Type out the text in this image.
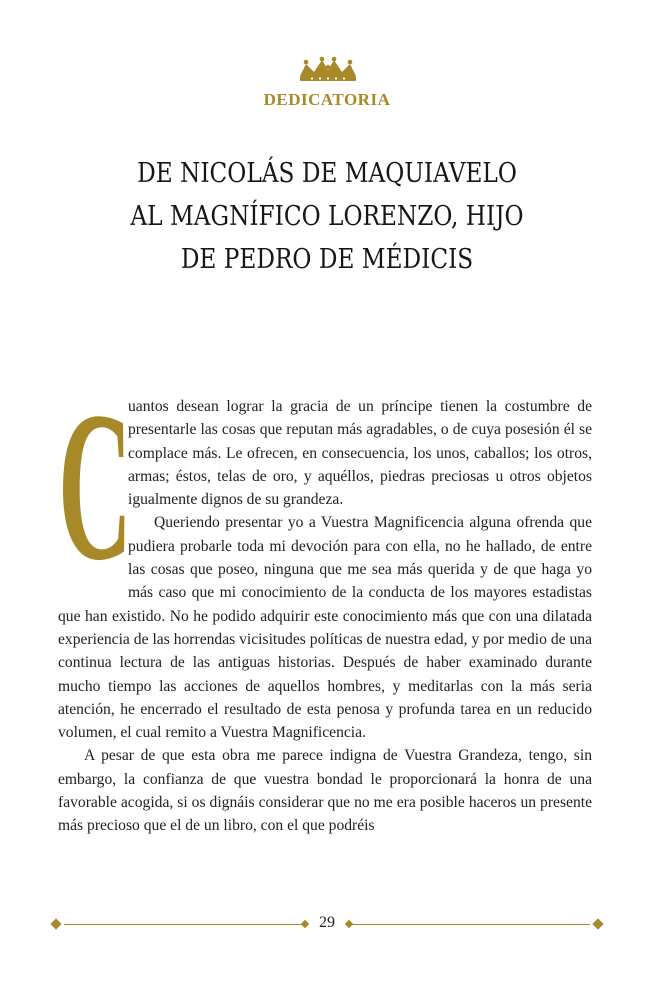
DEDICATORIA
DE NICOLÁS DE MAQUIAVELO
AL MAGNÍFICO LORENZO, HIJO
DE PEDRO DE MÉDICIS

C
uantos desean lograr la gracia de un príncipe tienen la costumbre de presentarle las cosas que reputan más agradables, o de cuya posesión él se complace más. Le ofrecen, en consecuencia, los unos, caballos; los otros, armas; éstos, telas de oro, y aquéllos, piedras preciosas u otros objetos igualmente dignos de su grandeza.

Queriendo presentar yo a Vuestra Magnificencia alguna ofrenda que pudiera probarle toda mi devoción para con ella, no he hallado, de entre las cosas que poseo, ninguna que me sea más querida y de que haga yo más caso que mi conocimiento de la conducta de los mayores estadistas que han existido. No he podido adquirir este conocimiento más que con una dilatada experiencia de las horrendas vicisitudes políticas de nuestra edad, y por medio de una continua lectura de las antiguas historias. Después de haber examinado durante mucho tiempo las acciones de aquellos hombres, y meditarlas con la más seria atención, he encerrado el resultado de esta penosa y profunda tarea en un reducido volumen, el cual remito a Vuestra Magnificencia.

A pesar de que esta obra me parece indigna de Vuestra Grandeza, tengo, sin embargo, la confianza de que vuestra bondad le proporcionará la honra de una favorable acogida, si os dignáis considerar que no me era posible haceros un presente más precioso que el de un libro, con el que podréis

29
